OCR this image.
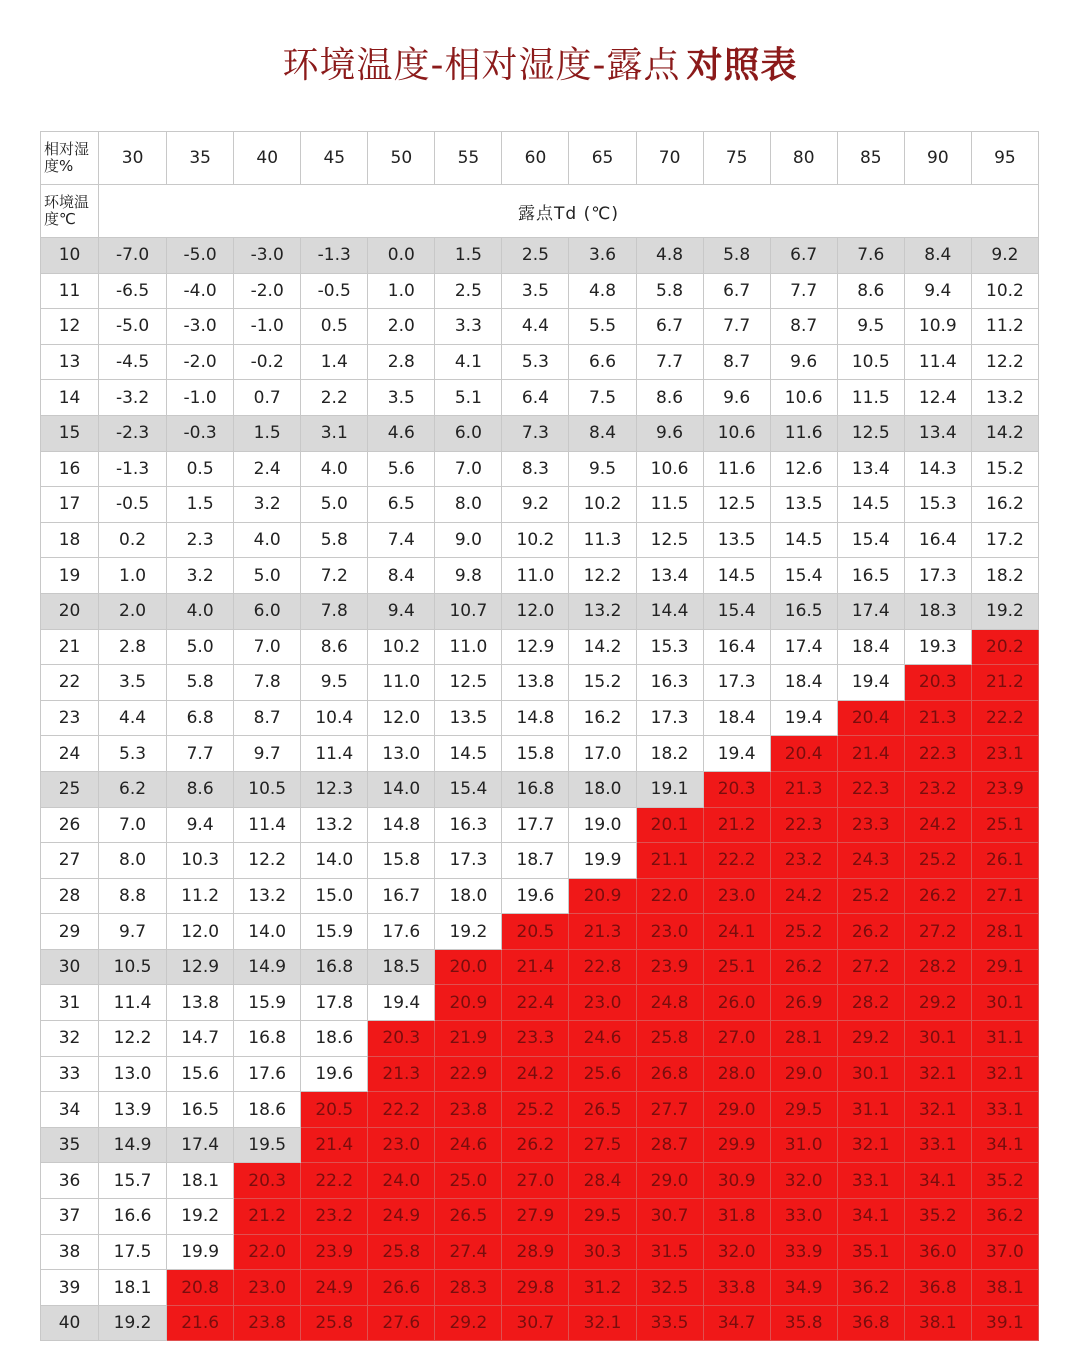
环境温度-相对湿度-露点 对照表
相对湿度%	30	35	40	45	50	55	60	65	70	75	80	85	90	95
环境温度℃	露点Td (℃)													
10	-7.0	-5.0	-3.0	-1.3	0.0	1.5	2.5	3.6	4.8	5.8	6.7	7.6	8.4	9.2
11	-6.5	-4.0	-2.0	-0.5	1.0	2.5	3.5	4.8	5.8	6.7	7.7	8.6	9.4	10.2
12	-5.0	-3.0	-1.0	0.5	2.0	3.3	4.4	5.5	6.7	7.7	8.7	9.5	10.9	11.2
13	-4.5	-2.0	-0.2	1.4	2.8	4.1	5.3	6.6	7.7	8.7	9.6	10.5	11.4	12.2
14	-3.2	-1.0	0.7	2.2	3.5	5.1	6.4	7.5	8.6	9.6	10.6	11.5	12.4	13.2
15	-2.3	-0.3	1.5	3.1	4.6	6.0	7.3	8.4	9.6	10.6	11.6	12.5	13.4	14.2
16	-1.3	0.5	2.4	4.0	5.6	7.0	8.3	9.5	10.6	11.6	12.6	13.4	14.3	15.2
17	-0.5	1.5	3.2	5.0	6.5	8.0	9.2	10.2	11.5	12.5	13.5	14.5	15.3	16.2
18	0.2	2.3	4.0	5.8	7.4	9.0	10.2	11.3	12.5	13.5	14.5	15.4	16.4	17.2
19	1.0	3.2	5.0	7.2	8.4	9.8	11.0	12.2	13.4	14.5	15.4	16.5	17.3	18.2
20	2.0	4.0	6.0	7.8	9.4	10.7	12.0	13.2	14.4	15.4	16.5	17.4	18.3	19.2
21	2.8	5.0	7.0	8.6	10.2	11.0	12.9	14.2	15.3	16.4	17.4	18.4	19.3	20.2
22	3.5	5.8	7.8	9.5	11.0	12.5	13.8	15.2	16.3	17.3	18.4	19.4	20.3	21.2
23	4.4	6.8	8.7	10.4	12.0	13.5	14.8	16.2	17.3	18.4	19.4	20.4	21.3	22.2
24	5.3	7.7	9.7	11.4	13.0	14.5	15.8	17.0	18.2	19.4	20.4	21.4	22.3	23.1
25	6.2	8.6	10.5	12.3	14.0	15.4	16.8	18.0	19.1	20.3	21.3	22.3	23.2	23.9
26	7.0	9.4	11.4	13.2	14.8	16.3	17.7	19.0	20.1	21.2	22.3	23.3	24.2	25.1
27	8.0	10.3	12.2	14.0	15.8	17.3	18.7	19.9	21.1	22.2	23.2	24.3	25.2	26.1
28	8.8	11.2	13.2	15.0	16.7	18.0	19.6	20.9	22.0	23.0	24.2	25.2	26.2	27.1
29	9.7	12.0	14.0	15.9	17.6	19.2	20.5	21.3	23.0	24.1	25.2	26.2	27.2	28.1
30	10.5	12.9	14.9	16.8	18.5	20.0	21.4	22.8	23.9	25.1	26.2	27.2	28.2	29.1
31	11.4	13.8	15.9	17.8	19.4	20.9	22.4	23.0	24.8	26.0	26.9	28.2	29.2	30.1
32	12.2	14.7	16.8	18.6	20.3	21.9	23.3	24.6	25.8	27.0	28.1	29.2	30.1	31.1
33	13.0	15.6	17.6	19.6	21.3	22.9	24.2	25.6	26.8	28.0	29.0	30.1	32.1	32.1
34	13.9	16.5	18.6	20.5	22.2	23.8	25.2	26.5	27.7	29.0	29.5	31.1	32.1	33.1
35	14.9	17.4	19.5	21.4	23.0	24.6	26.2	27.5	28.7	29.9	31.0	32.1	33.1	34.1
36	15.7	18.1	20.3	22.2	24.0	25.0	27.0	28.4	29.0	30.9	32.0	33.1	34.1	35.2
37	16.6	19.2	21.2	23.2	24.9	26.5	27.9	29.5	30.7	31.8	33.0	34.1	35.2	36.2
38	17.5	19.9	22.0	23.9	25.8	27.4	28.9	30.3	31.5	32.0	33.9	35.1	36.0	37.0
39	18.1	20.8	23.0	24.9	26.6	28.3	29.8	31.2	32.5	33.8	34.9	36.2	36.8	38.1
40	19.2	21.6	23.8	25.8	27.6	29.2	30.7	32.1	33.5	34.7	35.8	36.8	38.1	39.1
